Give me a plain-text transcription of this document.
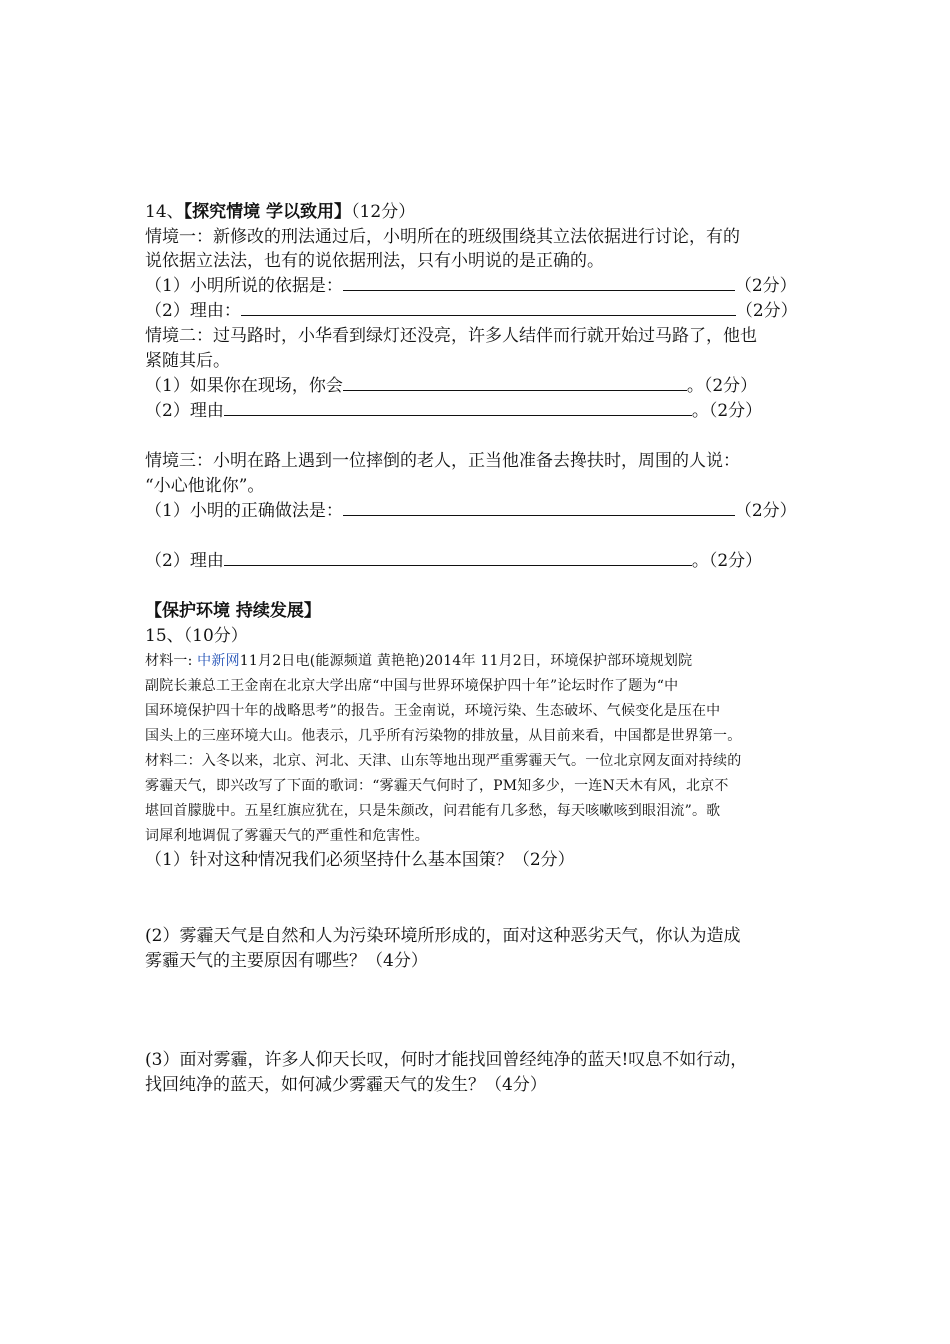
14、【探究情境 学以致用】（12分）
情境一：新修改的刑法通过后，小明所在的班级围绕其立法依据进行讨论，有的
说依据立法法，也有的说依据刑法，只有小明说的是正确的。
（1）小明所说的依据是：	（2分）
（2）理由：	（2分）
情境二：过马路时，小华看到绿灯还没亮，许多人结伴而行就开始过马路了，他也
紧随其后。
（1）如果你在现场，你会	。（2分）
（2）理由	。（2分）
情境三：小明在路上遇到一位摔倒的老人，正当他准备去搀扶时，周围的人说：
“小心他讹你”。
（1）小明的正确做法是：	（2分）
（2）理由	。（2分）
【保护环境 持续发展】
15、（10分）
材料一: 中新网11月2日电(能源频道 黄艳艳)2014年 11月2日，环境保护部环境规划院
副院长兼总工王金南在北京大学出席“中国与世界环境保护四十年”论坛时作了题为“中
国环境保护四十年的战略思考”的报告。王金南说，环境污染、生态破坏、气候变化是压在中
国头上的三座环境大山。他表示，几乎所有污染物的排放量，从目前来看，中国都是世界第一。
材料二：入冬以来，北京、河北、天津、山东等地出现严重雾霾天气。一位北京网友面对持续的
雾霾天气，即兴改写了下面的歌词：“雾霾天气何时了，PM知多少，一连N天木有风，北京不
堪回首朦胧中。五星红旗应犹在，只是朱颜改，问君能有几多愁，每天咳嗽咳到眼泪流”。歌
词犀利地调侃了雾霾天气的严重性和危害性。
（1）针对这种情况我们必须坚持什么基本国策？（2分）
(2）雾霾天气是自然和人为污染环境所形成的，面对这种恶劣天气，你认为造成
雾霾天气的主要原因有哪些？（4分）
(3）面对雾霾，许多人仰天长叹，何时才能找回曾经纯净的蓝天!叹息不如行动，
找回纯净的蓝天，如何减少雾霾天气的发生？（4分）
